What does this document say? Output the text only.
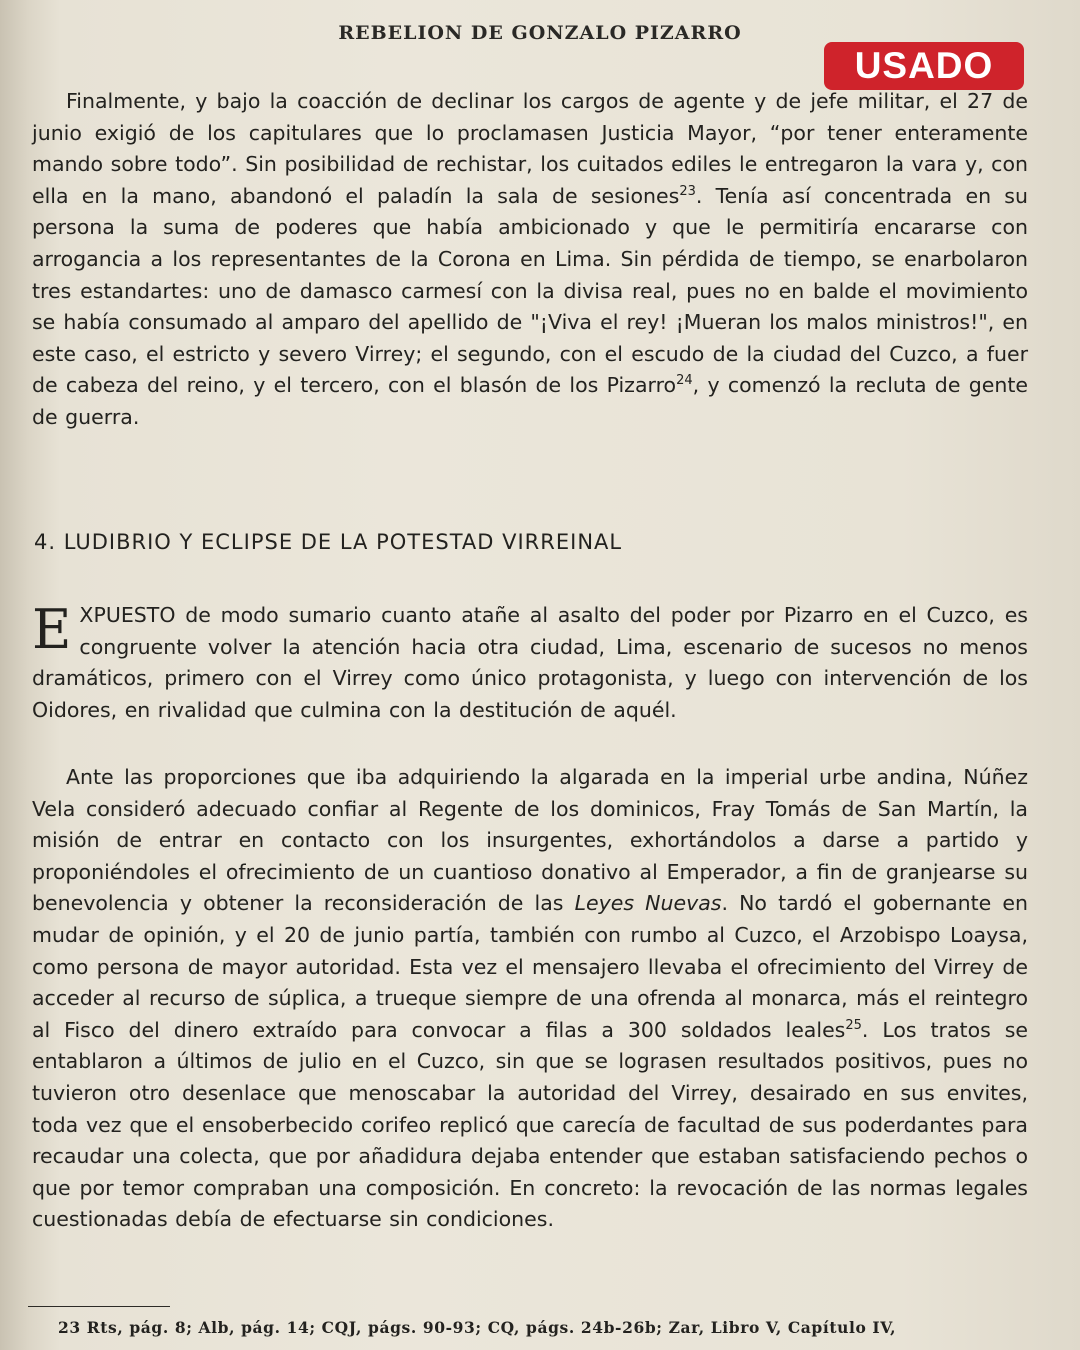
REBELION DE GONZALO PIZARRO
USADO

Finalmente, y bajo la coacción de declinar los cargos de agente y de jefe militar, el 27 de junio exigió de los capitulares que lo proclamasen Justicia Mayor, “por tener enteramente mando sobre todo”. Sin posibilidad de rechistar, los cuitados ediles le entregaron la vara y, con ella en la mano, abandonó el paladín la sala de sesiones$^{23}$. Tenía así concentrada en su persona la suma de poderes que había ambicionado y que le permitiría encararse con arrogancia a los representantes de la Corona en Lima. Sin pérdida de tiempo, se enarbolaron tres estandartes: uno de damasco carmesí con la divisa real, pues no en balde el movimiento se había consumado al amparo del apellido de "¡Viva el rey! ¡Mueran los malos ministros!", en este caso, el estricto y severo Virrey; el segundo, con el escudo de la ciudad del Cuzco, a fuer de cabeza del reino, y el tercero, con el blasón de los Pizarro$^{24}$, y comenzó la recluta de gente de guerra.

4. LUDIBRIO Y ECLIPSE DE LA POTESTAD VIRREINAL

EXPUESTO de modo sumario cuanto atañe al asalto del poder por Pizarro en el Cuzco, es congruente volver la atención hacia otra ciudad, Lima, escenario de sucesos no menos dramáticos, primero con el Virrey como único protagonista, y luego con intervención de los Oidores, en rivalidad que culmina con la destitución de aquél.

Ante las proporciones que iba adquiriendo la algarada en la imperial urbe andina, Núñez Vela consideró adecuado confiar al Regente de los dominicos, Fray Tomás de San Martín, la misión de entrar en contacto con los insurgentes, exhortándolos a darse a partido y proponiéndoles el ofrecimiento de un cuantioso donativo al Emperador, a fin de granjearse su benevolencia y obtener la reconsideración de las Leyes Nuevas. No tardó el gobernante en mudar de opinión, y el 20 de junio partía, también con rumbo al Cuzco, el Arzobispo Loaysa, como persona de mayor autoridad. Esta vez el mensajero llevaba el ofrecimiento del Virrey de acceder al recurso de súplica, a trueque siempre de una ofrenda al monarca, más el reintegro al Fisco del dinero extraído para convocar a filas a 300 soldados leales$^{25}$. Los tratos se entablaron a últimos de julio en el Cuzco, sin que se lograsen resultados positivos, pues no tuvieron otro desenlace que menoscabar la autoridad del Virrey, desairado en sus envites, toda vez que el ensoberbecido corifeo replicó que carecía de facultad de sus poderdantes para recaudar una colecta, que por añadidura dejaba entender que estaban satisfaciendo pechos o que por temor compraban una composición. En concreto: la revocación de las normas legales cuestionadas debía de efectuarse sin condiciones.

23 Rts, pág. 8; Alb, pág. 14; CQJ, págs. 90-93; CQ, págs. 24b-26b; Zar, Libro V, Capítulo IV,
